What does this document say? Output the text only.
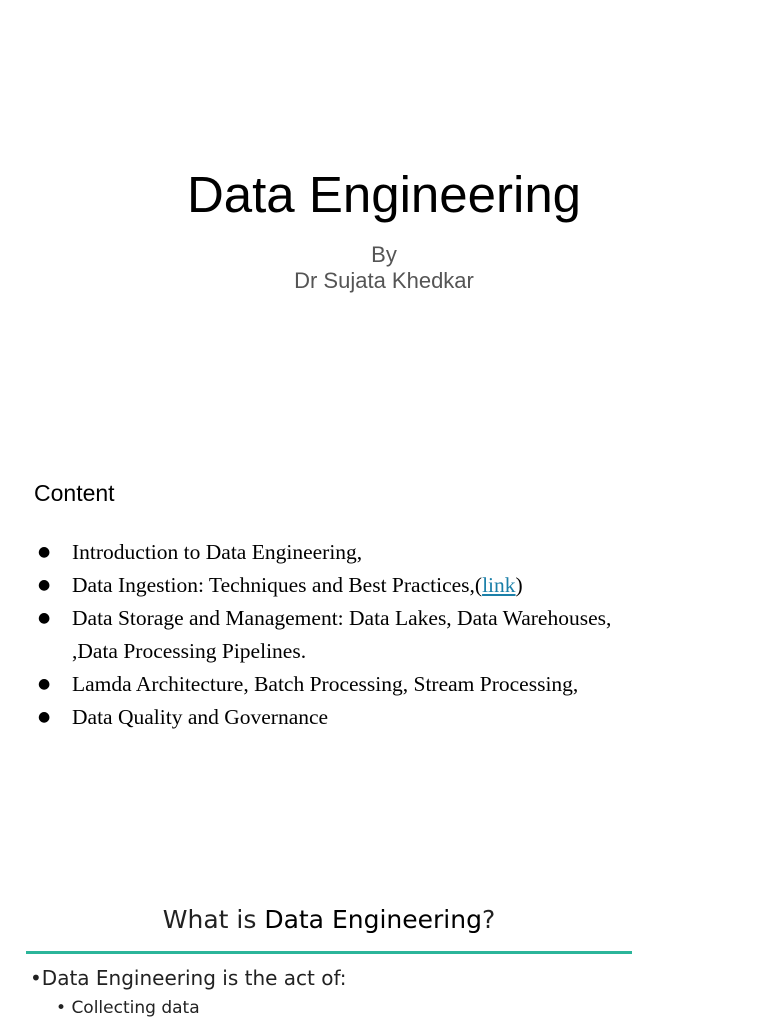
Data Engineering
By
Dr Sujata Khedkar
Content
● Introduction to Data Engineering,
● Data Ingestion: Techniques and Best Practices,(link)
● Data Storage and Management: Data Lakes, Data Warehouses,
,Data Processing Pipelines.
● Lamda Architecture, Batch Processing, Stream Processing,
● Data Quality and Governance
What is Data Engineering?
•Data Engineering is the act of:
• Collecting data
